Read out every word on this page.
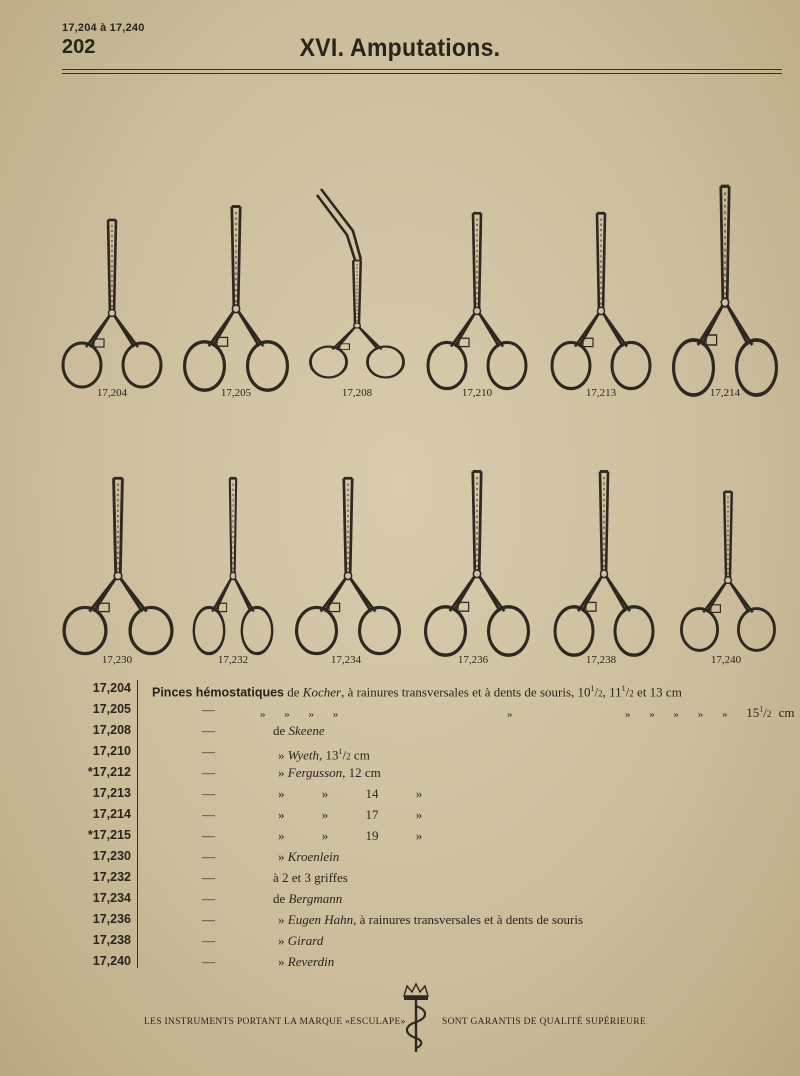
17,204 à 17,240
202	XVI. Amputations.
17,204	17,205	17,208	17,210	17,213	17,214
17,230	17,232	17,234	17,236	17,238	17,240
17,204 Pinces hémostatiques de Kocher, à rainures transversales et à dents de souris, $10^1/2$, $11^1/2$ et 13 cm
17,205	—	» » » »         »      » » » » » $15^1/2$ cm
17,208	—	de Skeene
17,210	—	» Wyeth, $13^1/2$ cm
*17,212	—	» Fergusson, 12 cm
17,213	—	» » 14 »
17,214	—	» » 17 »
*17,215	—	» » 19 »
17,230	—	» Kroenlein
17,232	—	à 2 et 3 griffes
17,234	—	de Bergmann
17,236	—	» Eugen Hahn, à rainures transversales et à dents de souris
17,238	—	» Girard
17,240	—	» Reverdin
LES INSTRUMENTS PORTANT LA MARQUE «ESCULAPE»	SONT GARANTIS DE QUALITÉ SUPÉRIEURE
